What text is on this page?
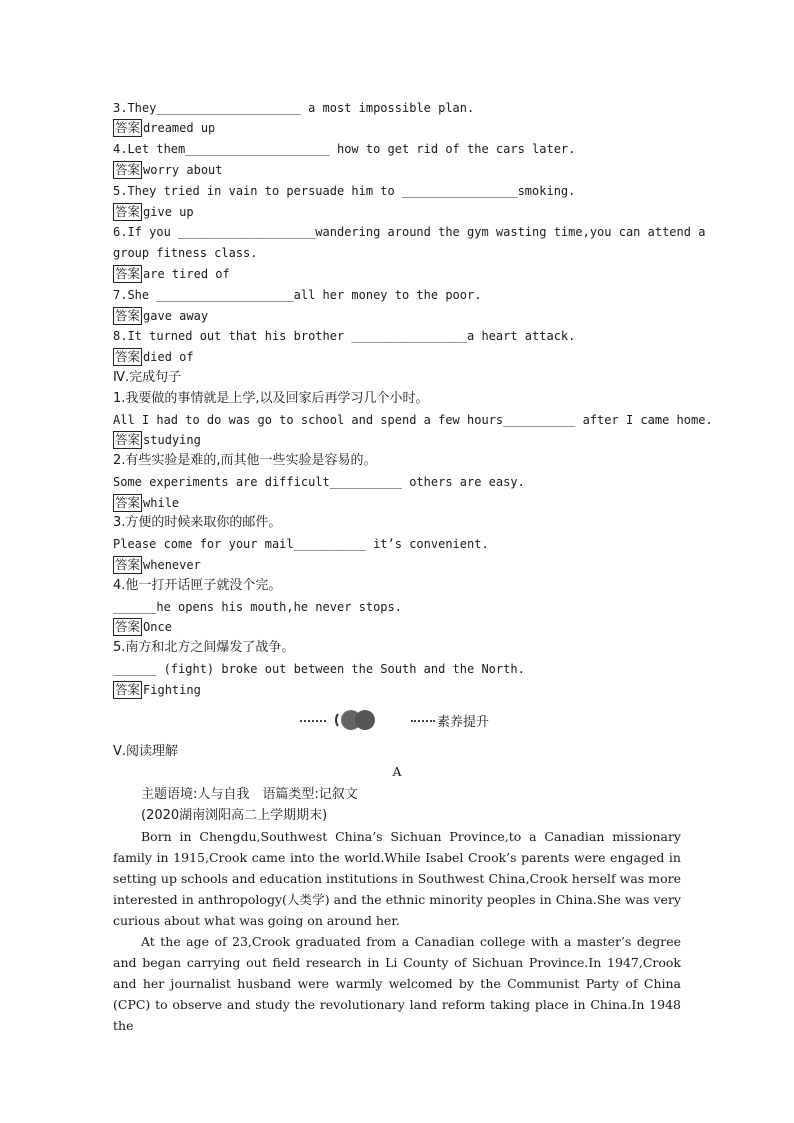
3.They____________________ a most impossible plan.
答案 dreamed up
4.Let them____________________ how to get rid of the cars later.
答案 worry about
5.They tried in vain to persuade him to ________________smoking.
答案 give up
6.If you ___________________wandering around the gym wasting time,you can attend a
group fitness class.
答案 are tired of
7.She ___________________all her money to the poor.
答案 gave away
8.It turned out that his brother ________________a heart attack.
答案 died of
Ⅳ.完成句子
1.我要做的事情就是上学,以及回家后再学习几个小时。
All I had to do was go to school and spend a few hours__________ after I came home.
答案 studying
2.有些实验是难的,而其他一些实验是容易的。
Some experiments are difficult__________ others are easy.
答案 while
3.方便的时候来取你的邮件。
Please come for your mail__________ it’s convenient.
答案 whenever
4.他一打开话匣子就没个完。
______he opens his mouth,he never stops.
答案 Once
5.南方和北方之间爆发了战争。
______ (fight) broke out between the South and the North.
答案 Fighting
素养提升
Ⅴ.阅读理解
A
主题语境:人与自我　语篇类型:记叙文
(2020湖南浏阳高二上学期期末)
Born in Chengdu,Southwest China’s Sichuan Province,to a Canadian missionary family in 1915,Crook came into the world.While Isabel Crook’s parents were engaged in setting up schools and education institutions in Southwest China,Crook herself was more interested in anthropology(人类学) and the ethnic minority peoples in China.She was very curious about what was going on around her.
At the age of 23,Crook graduated from a Canadian college with a master’s degree and began carrying out field research in Li County of Sichuan Province.In 1947,Crook and her journalist husband were warmly welcomed by the Communist Party of China (CPC) to observe and study the revolutionary land reform taking place in China.In 1948 the
